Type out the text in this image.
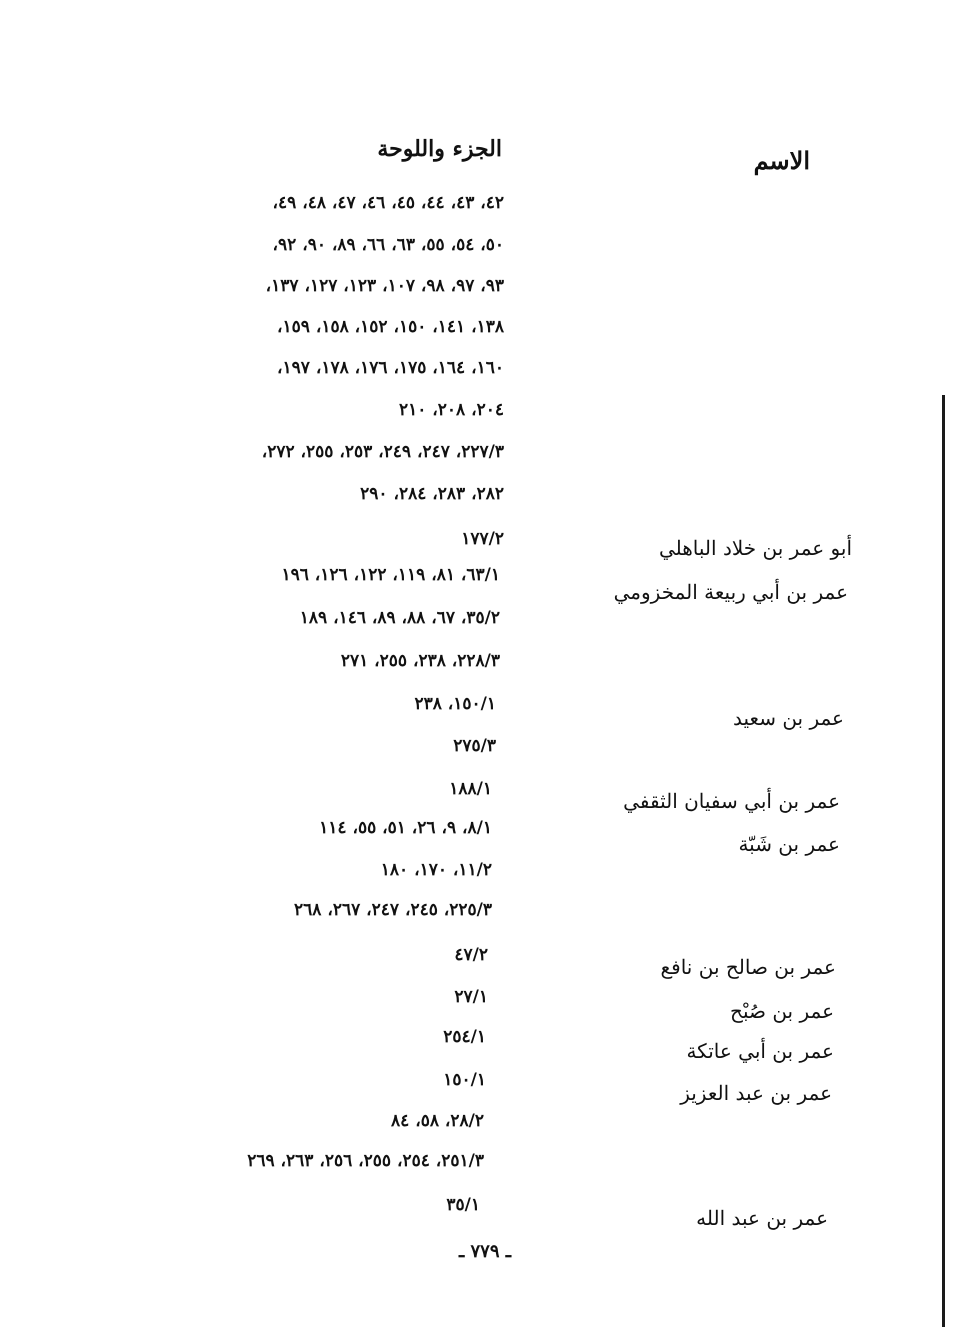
الاسم
الجزء واللوحة
٤٢، ٤٣، ٤٤، ٤٥، ٤٦، ٤٧، ٤٨، ٤٩،
٥٠، ٥٤، ٥٥، ٦٣، ٦٦، ٨٩، ٩٠، ٩٢،
٩٣، ٩٧، ٩٨، ١٠٧، ١٢٣، ١٢٧، ١٣٧،
١٣٨، ١٤١، ١٥٠، ١٥٢، ١٥٨، ١٥٩،
١٦٠، ١٦٤، ١٧٥، ١٧٦، ١٧٨، ١٩٧،
٢٠٤، ٢٠٨، ٢١٠
٢٢٧/٣، ٢٤٧، ٢٤٩، ٢٥٣، ٢٥٥، ٢٧٢،
٢٨٢، ٢٨٣، ٢٨٤، ٢٩٠
١٧٧/٢
٦٣/١، ٨١، ١١٩، ١٢٢، ١٢٦، ١٩٦
٣٥/٢، ٦٧، ٨٨، ٨٩، ١٤٦، ١٨٩
٢٢٨/٣، ٢٣٨، ٢٥٥، ٢٧١
١٥٠/١، ٢٣٨
٢٧٥/٣
١٨٨/١
٨/١، ٩، ٢٦، ٥١، ٥٥، ١١٤
١١/٢، ١٧٠، ١٨٠
٢٢٥/٣، ٢٤٥، ٢٤٧، ٢٦٧، ٢٦٨
٤٧/٢
٢٧/١
٢٥٤/١
١٥٠/١
٢٨/٢، ٥٨، ٨٤
٢٥١/٣، ٢٥٤، ٢٥٥، ٢٥٦، ٢٦٣، ٢٦٩
٣٥/١
أبو عمر بن خلاد الباهلي
عمر بن أبي ربيعة المخزومي
عمر بن سعيد
عمر بن أبي سفيان الثقفي
عمر بن شَبّة
عمر بن صالح بن نافع
عمر بن صُبْح
عمر بن أبي عاتكة
عمر بن عبد العزيز
عمر بن عبد الله
ـ ٧٧٩ ـ
